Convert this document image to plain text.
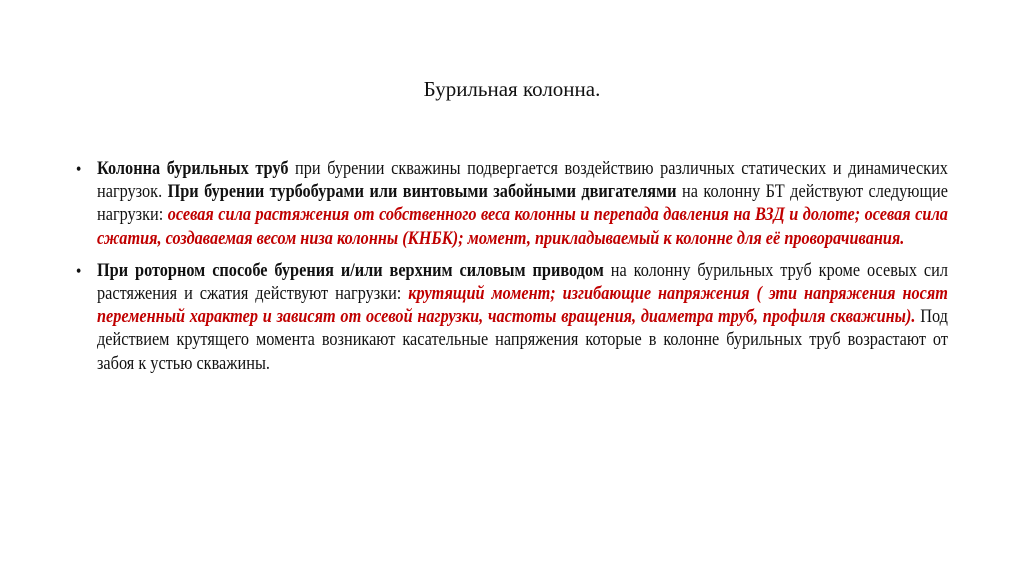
Бурильная колонна.
• Колонна бурильных труб при бурении скважины подвергается воздействию различных статических и динамических нагрузок. При бурении турбобурами или винтовыми забойными двигателями на колонну БТ действуют следующие нагрузки: осевая сила растяжения от собственного веса колонны и перепада давления на ВЗД и долоте; осевая сила сжатия, создаваемая весом низа колонны (КНБК); момент, прикладываемый к колонне для её проворачивания.
• При роторном способе бурения и/или верхним силовым приводом на колонну бурильных труб кроме осевых сил растяжения и сжатия действуют нагрузки: крутящий момент; изгибающие напряжения ( эти напряжения носят переменный характер и зависят от осевой нагрузки, частоты вращения, диаметра труб, профиля скважины). Под действием крутящего момента возникают касательные напряжения которые в колонне бурильных труб возрастают от забоя к устью скважины.
